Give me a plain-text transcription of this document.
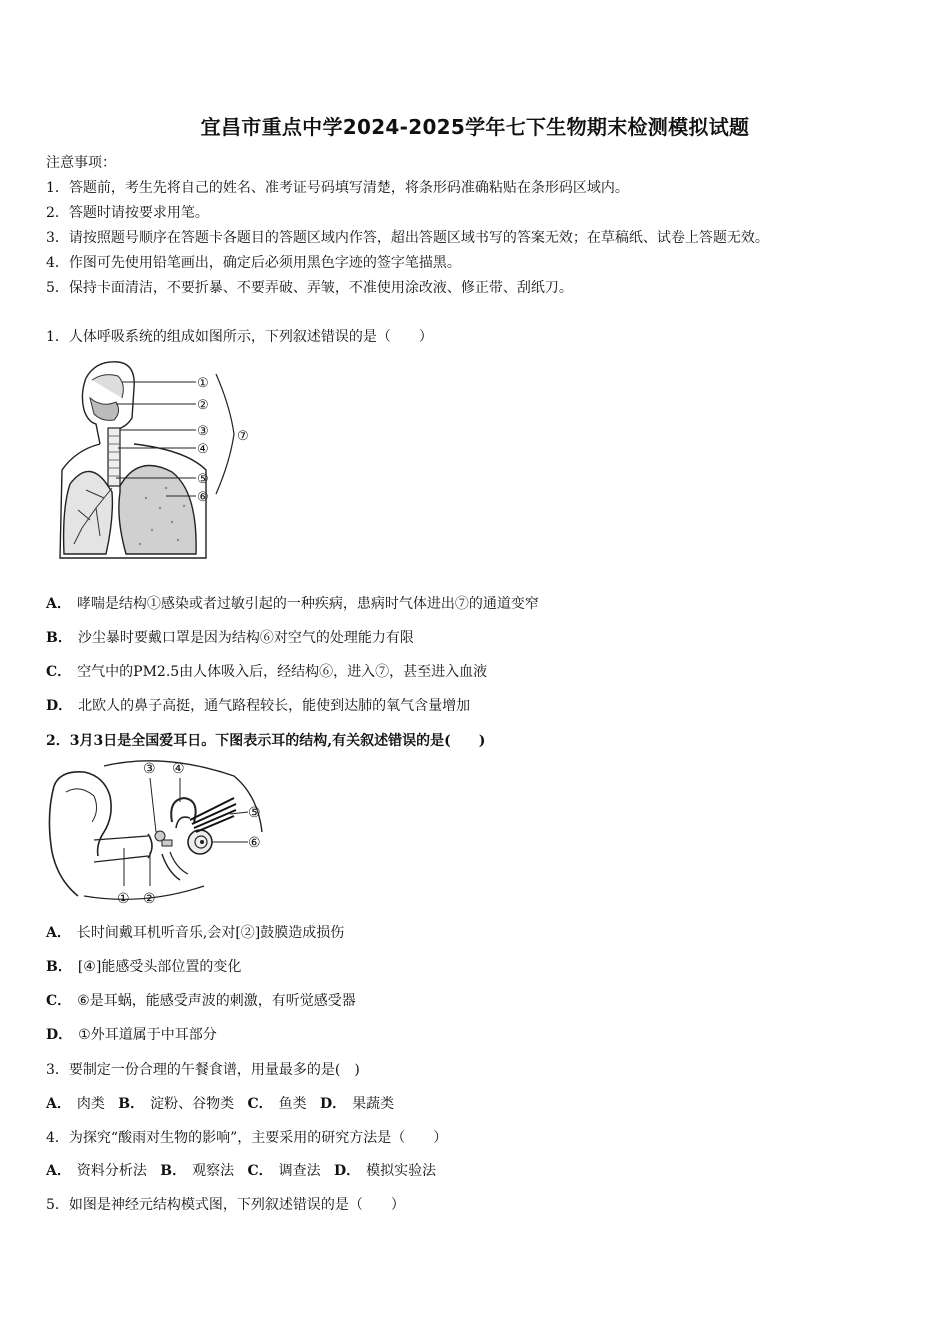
宜昌市重点中学2024-2025学年七下生物期末检测模拟试题
注意事项：
1．答题前，考生先将自己的姓名、准考证号码填写清楚，将条形码准确粘贴在条形码区域内。
2．答题时请按要求用笔。
3．请按照题号顺序在答题卡各题目的答题区域内作答，超出答题区域书写的答案无效；在草稿纸、试卷上答题无效。
4．作图可先使用铅笔画出，确定后必须用黑色字迹的签字笔描黑。
5．保持卡面清洁，不要折暴、不要弄破、弄皱，不准使用涂改液、修正带、刮纸刀。
1．人体呼吸系统的组成如图所示，下列叙述错误的是（　　）
①
②
③
④
⑤
⑥
⑦
A． 哮喘是结构①感染或者过敏引起的一种疾病，患病时气体进出⑦的通道变窄
B． 沙尘暴时要戴口罩是因为结构⑥对空气的处理能力有限
C． 空气中的PM2.5由人体吸入后，经结构⑥，进入⑦，甚至进入血液
D． 北欧人的鼻子高挺，通气路程较长，能使到达肺的氧气含量增加
2．3月3日是全国爱耳日。下图表示耳的结构,有关叙述错误的是(　　)
① ②
③ ④
⑤
⑥
A． 长时间戴耳机听音乐,会对[②]鼓膜造成损伤
B． [④]能感受头部位置的变化
C． ⑥是耳蜗，能感受声波的刺激，有听觉感受器
D． ①外耳道属于中耳部分
3．要制定一份合理的午餐食谱，用量最多的是(　)
A． 肉类 B． 淀粉、谷物类 C． 鱼类 D． 果蔬类
4．为探究“酸雨对生物的影响”，主要采用的研究方法是（　　）
A． 资料分析法 B． 观察法 C． 调查法 D． 模拟实验法
5．如图是神经元结构模式图，下列叙述错误的是（　　）
